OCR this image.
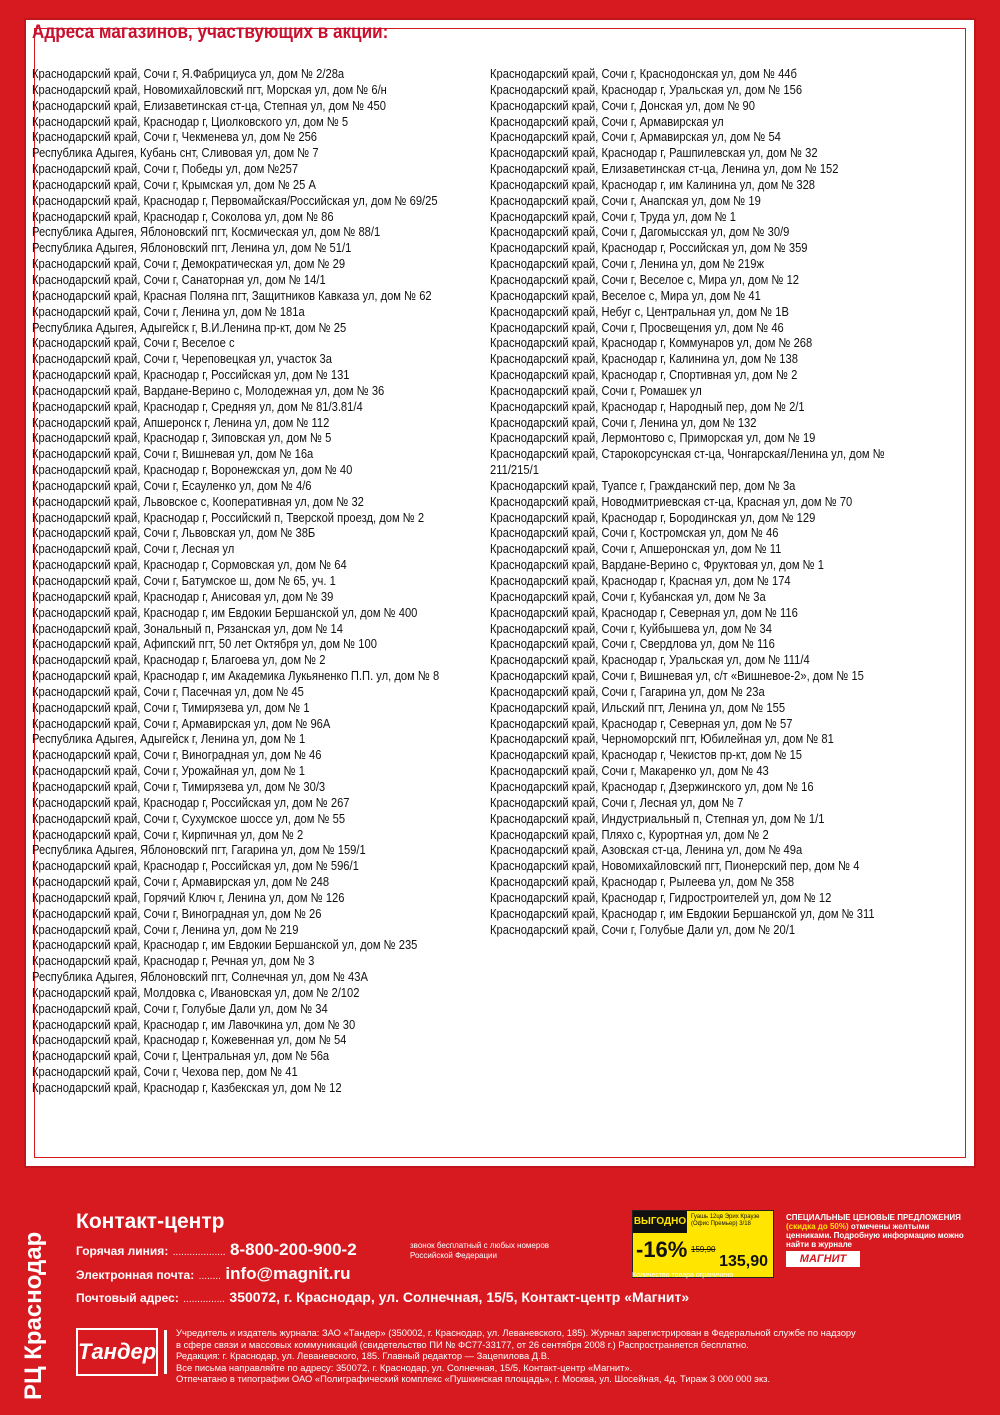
Адреса магазинов, участвующих в акции:
Краснодарский край, Сочи г, Я.Фабрициуса ул, дом № 2/28а
Краснодарский край, Новомихайловский пгт, Морская ул, дом № 6/н
Краснодарский край, Елизаветинская ст-ца, Степная ул, дом № 450
Краснодарский край, Краснодар г, Циолковского ул, дом № 5
Краснодарский край, Сочи г, Чекменева ул, дом № 256
Республика Адыгея, Кубань снт, Сливовая ул, дом № 7
Краснодарский край, Сочи г, Победы ул, дом №257
Краснодарский край, Сочи г, Крымская ул, дом № 25 А
Краснодарский край, Краснодар г, Первомайская/Российская ул, дом № 69/25
Краснодарский край, Краснодар г, Соколова ул, дом № 86
Республика Адыгея, Яблоновский пгт, Космическая ул, дом № 88/1
Республика Адыгея, Яблоновский пгт, Ленина ул, дом № 51/1
Краснодарский край, Сочи г, Демократическая ул, дом № 29
Краснодарский край, Сочи г, Санаторная ул, дом № 14/1
Краснодарский край, Красная Поляна пгт, Защитников Кавказа ул, дом № 62
Краснодарский край, Сочи г, Ленина ул, дом № 181а
Республика Адыгея, Адыгейск г, В.И.Ленина пр-кт, дом № 25
Краснодарский край, Сочи г, Веселое с
Краснодарский край, Сочи г, Череповецкая ул, участок 3а
Краснодарский край, Краснодар г, Российская ул, дом № 131
Краснодарский край, Вардане-Верино с, Молодежная ул, дом № 36
Краснодарский край, Краснодар г, Средняя ул, дом № 81/3.81/4
Краснодарский край, Апшеронск г, Ленина ул, дом № 112
Краснодарский край, Краснодар г, Зиповская ул, дом № 5
Краснодарский край, Сочи г, Вишневая ул, дом № 16а
Краснодарский край, Краснодар г, Воронежская ул, дом № 40
Краснодарский край, Сочи г, Есауленко ул, дом № 4/6
Краснодарский край, Львовское с, Кооперативная ул, дом № 32
Краснодарский край, Краснодар г, Российский п, Тверской проезд, дом № 2
Краснодарский край, Сочи г, Львовская ул, дом № 38Б
Краснодарский край, Сочи г, Лесная ул
Краснодарский край, Краснодар г, Сормовская ул, дом № 64
Краснодарский край, Сочи г, Батумское ш, дом № 65, уч. 1
Краснодарский край, Краснодар г, Анисовая ул, дом № 39
Краснодарский край, Краснодар г, им Евдокии Бершанской ул, дом № 400
Краснодарский край, Зональный п, Рязанская ул, дом № 14
Краснодарский край, Афипский пгт, 50 лет Октября ул, дом № 100
Краснодарский край, Краснодар г, Благоева ул, дом № 2
Краснодарский край, Краснодар г, им Академика Лукьяненко П.П. ул, дом № 8
Краснодарский край, Сочи г, Пасечная ул, дом № 45
Краснодарский край, Сочи г, Тимирязева ул, дом № 1
Краснодарский край, Сочи г, Армавирская ул, дом № 96А
Республика Адыгея, Адыгейск г, Ленина ул, дом № 1
Краснодарский край, Сочи г, Виноградная ул, дом № 46
Краснодарский край, Сочи г, Урожайная ул, дом № 1
Краснодарский край, Сочи г, Тимирязева ул, дом № 30/3
Краснодарский край, Краснодар г, Российская ул, дом № 267
Краснодарский край, Сочи г, Сухумское шоссе ул, дом № 55
Краснодарский край, Сочи г, Кирпичная ул, дом № 2
Республика Адыгея, Яблоновский пгт, Гагарина ул, дом № 159/1
Краснодарский край, Краснодар г, Российская ул, дом № 596/1
Краснодарский край, Сочи г, Армавирская ул, дом № 248
Краснодарский край, Горячий Ключ г, Ленина ул, дом № 126
Краснодарский край, Сочи г, Виноградная ул, дом № 26
Краснодарский край, Сочи г, Ленина ул, дом № 219
Краснодарский край, Краснодар г, им Евдокии Бершанской ул, дом № 235
Краснодарский край, Краснодар г, Речная ул, дом № 3
Республика Адыгея, Яблоновский пгт, Солнечная ул, дом № 43А
Краснодарский край, Молдовка с, Ивановская ул, дом № 2/102
Краснодарский край, Сочи г, Голубые Дали ул, дом № 34
Краснодарский край, Краснодар г, им Лавочкина ул, дом № 30
Краснодарский край, Краснодар г, Кожевенная ул, дом № 54
Краснодарский край, Сочи г, Центральная ул, дом № 56а
Краснодарский край, Сочи г, Чехова пер, дом № 41
Краснодарский край, Краснодар г, Казбекская ул, дом № 12
Краснодарский край, Сочи г, Краснодонская ул, дом № 44б
Краснодарский край, Краснодар г, Уральская ул, дом № 156
Краснодарский край, Сочи г, Донская ул, дом № 90
Краснодарский край, Сочи г, Армавирская ул
Краснодарский край, Сочи г, Армавирская ул, дом № 54
Краснодарский край, Краснодар г, Рашпилевская ул, дом № 32
Краснодарский край, Елизаветинская ст-ца, Ленина ул, дом № 152
Краснодарский край, Краснодар г, им Калинина ул, дом № 328
Краснодарский край, Сочи г, Анапская ул, дом № 19
Краснодарский край, Сочи г, Труда ул, дом № 1
Краснодарский край, Сочи г, Дагомысская ул, дом № 30/9
Краснодарский край, Краснодар г, Российская ул, дом № 359
Краснодарский край, Сочи г, Ленина ул, дом № 219ж
Краснодарский край, Сочи г, Веселое с, Мира ул, дом № 12
Краснодарский край, Веселое с, Мира ул, дом № 41
Краснодарский край, Небуг с, Центральная ул, дом № 1В
Краснодарский край, Сочи г, Просвещения ул, дом № 46
Краснодарский край, Краснодар г, Коммунаров ул, дом № 268
Краснодарский край, Краснодар г, Калинина ул, дом № 138
Краснодарский край, Краснодар г, Спортивная ул, дом № 2
Краснодарский край, Сочи г, Ромашек ул
Краснодарский край, Краснодар г, Народный пер, дом № 2/1
Краснодарский край, Сочи г, Ленина ул, дом № 132
Краснодарский край, Лермонтово с, Приморская ул, дом № 19
Краснодарский край, Старокорсунская ст-ца, Чонгарская/Ленина ул, дом № 211/215/1
Краснодарский край, Туапсе г, Гражданский пер, дом № 3а
Краснодарский край, Новодмитриевская ст-ца, Красная ул, дом № 70
Краснодарский край, Краснодар г, Бородинская ул, дом № 129
Краснодарский край, Сочи г, Костромская ул, дом № 46
Краснодарский край, Сочи г, Апшеронская ул, дом № 11
Краснодарский край, Вардане-Верино с, Фруктовая ул, дом № 1
Краснодарский край, Краснодар г, Красная ул, дом № 174
Краснодарский край, Сочи г, Кубанская ул, дом № 3а
Краснодарский край, Краснодар г, Северная ул, дом № 116
Краснодарский край, Сочи г, Куйбышева ул, дом № 34
Краснодарский край, Сочи г, Свердлова ул, дом № 116
Краснодарский край, Краснодар г, Уральская ул, дом № 111/4
Краснодарский край, Сочи г, Вишневая ул, с/т «Вишневое-2», дом № 15
Краснодарский край, Сочи г, Гагарина ул, дом № 23а
Краснодарский край, Ильский пгт, Ленина ул, дом № 155
Краснодарский край, Краснодар г, Северная ул, дом № 57
Краснодарский край, Черноморский пгт, Юбилейная ул, дом № 81
Краснодарский край, Краснодар г, Чекистов пр-кт, дом № 15
Краснодарский край, Сочи г, Макаренко ул, дом № 43
Краснодарский край, Краснодар г, Дзержинского ул, дом № 16
Краснодарский край, Сочи г, Лесная ул, дом № 7
Краснодарский край, Индустриальный п, Степная ул, дом № 1/1
Краснодарский край, Пляхо с, Курортная ул, дом № 2
Краснодарский край, Азовская ст-ца, Ленина ул, дом № 49а
Краснодарский край, Новомихайловский пгт, Пионерский пер, дом № 4
Краснодарский край, Краснодар г, Рылеева ул, дом № 358
Краснодарский край, Краснодар г, Гидростроителей ул, дом № 12
Краснодарский край, Краснодар г, им Евдокии Бершанской ул, дом № 311
Краснодарский край, Сочи г, Голубые Дали ул, дом № 20/1
РЦ Краснодар
Контакт-центр
Горячая линия: ................... 8-800-200-900-2	звонок бесплатный с любых номеров Российской Федерации
Электронная почта: ........ info@magnit.ru
Почтовый адрес: ............... 350072, г. Краснодар, ул. Солнечная, 15/5, Контакт-центр «Магнит»
ВЫГОДНО Гуашь 12цв Эрих Краузе (Офис Премьер) 3/18
-16% 159,90
135,90
Количество товара ограничено
СПЕЦИАЛЬНЫЕ ЦЕНОВЫЕ ПРЕДЛОЖЕНИЯ (скидка до 50%) отмечены желтыми ценниками. Подробную информацию можно найти в журнале
МАГНИТ
Тандер
Учредитель и издатель журнала: ЗАО «Тандер» (350002, г. Краснодар, ул. Леваневского, 185). Журнал зарегистрирован в Федеральной службе по надзору
в сфере связи и массовых коммуникаций (свидетельство ПИ № ФС77-33177, от 26 сентября 2008 г.) Распространяется бесплатно.
Редакция: г. Краснодар, ул. Леваневского, 185. Главный редактор — Зацепилова Д.В.
Все письма направляйте по адресу: 350072, г. Краснодар, ул. Солнечная, 15/5, Контакт-центр «Магнит».
Отпечатано в типографии ОАО «Полиграфический комплекс «Пушкинская площадь», г. Москва, ул. Шосейная, 4д. Тираж 3 000 000 экз.
